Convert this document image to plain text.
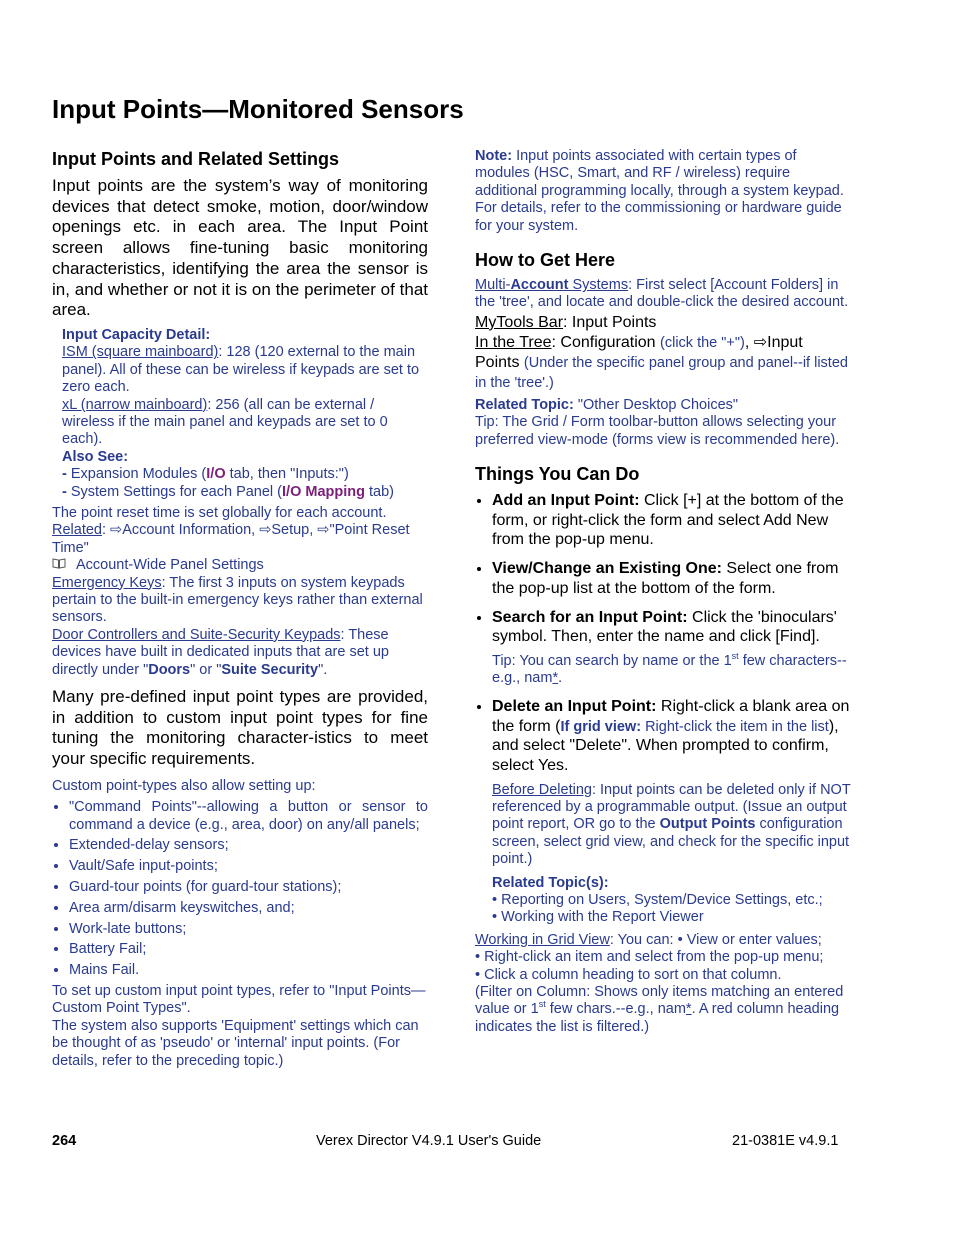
Input Points—Monitored Sensors
Input Points and Related Settings

Input points are the system’s way of monitoring devices that detect smoke, motion, door/window openings etc. in each area. The Input Point screen allows fine-tuning basic monitoring characteristics, identifying the area the sensor is in, and whether or not it is on the perimeter of that area.

Input Capacity Detail:

ISM (square mainboard): 128 (120 external to the main panel). All of these can be wireless if keypads are set to zero each.

xL (narrow mainboard): 256 (all can be external / wireless if the main panel and keypads are set to 0 each).

Also See:

- Expansion Modules (I/O tab, then "Inputs:")

- System Settings for each Panel (I/O Mapping tab)

The point reset time is set globally for each account.

Related: ⇨Account Information, ⇨Setup, ⇨"Point Reset Time"

Account-Wide Panel Settings

Emergency Keys: The first 3 inputs on system keypads pertain to the built-in emergency keys rather than external sensors.

Door Controllers and Suite-Security Keypads: These devices have built in dedicated inputs that are set up directly under "Doors" or "Suite Security".

Many pre-defined input point types are provided, in addition to custom input point types for fine tuning the monitoring character-istics to meet your specific requirements.

Custom point-types also allow setting up:

• "Command Points"--allowing a button or sensor to command a device (e.g., area, door) on any/all panels;
• Extended-delay sensors;
• Vault/Safe input-points;
• Guard-tour points (for guard-tour stations);
• Area arm/disarm keyswitches, and;
• Work-late buttons;
• Battery Fail;
• Mains Fail.

To set up custom input point types, refer to "Input Points—Custom Point Types".

The system also supports 'Equipment' settings which can be thought of as 'pseudo' or 'internal' input points. (For details, refer to the preceding topic.)

Note: Input points associated with certain types of modules (HSC, Smart, and RF / wireless) require additional programming locally, through a system keypad. For details, refer to the commissioning or hardware guide for your system.

How to Get Here

Multi-Account Systems: First select [Account Folders] in the 'tree', and locate and double-click the desired account.

MyTools Bar: Input Points

In the Tree: Configuration (click the "+"), ⇨Input Points (Under the specific panel group and panel--if listed in the 'tree'.)

Related Topic: "Other Desktop Choices"

Tip: The Grid / Form toolbar-button allows selecting your preferred view-mode (forms view is recommended here).

Things You Can Do
• Add an Input Point: Click [+] at the bottom of the form, or right-click the form and select Add New from the pop-up menu.
• View/Change an Existing One: Select one from the pop-up list at the bottom of the form.
• Search for an Input Point: Click the 'binoculars' symbol. Then, enter the name and click [Find].
Tip: You can search by name or the 1st few characters--e.g., nam*.
• Delete an Input Point: Right-click a blank area on the form (If grid view: Right-click the item in the list), and select "Delete". When prompted to confirm, select Yes.
Before Deleting: Input points can be deleted only if NOT referenced by a programmable output. (Issue an output point report, OR go to the Output Points configuration screen, select grid view, and check for the specific input point.)
Related Topic(s):
• Reporting on Users, System/Device Settings, etc.;
• Working with the Report Viewer

Working in Grid View: You can: • View or enter values;

• Right-click an item and select from the pop-up menu;

• Click a column heading to sort on that column.

(Filter on Column: Shows only items matching an entered value or 1st few chars.--e.g., nam*. A red column heading indicates the list is filtered.)

264	Verex Director V4.9.1 User's Guide	21-0381E v4.9.1
